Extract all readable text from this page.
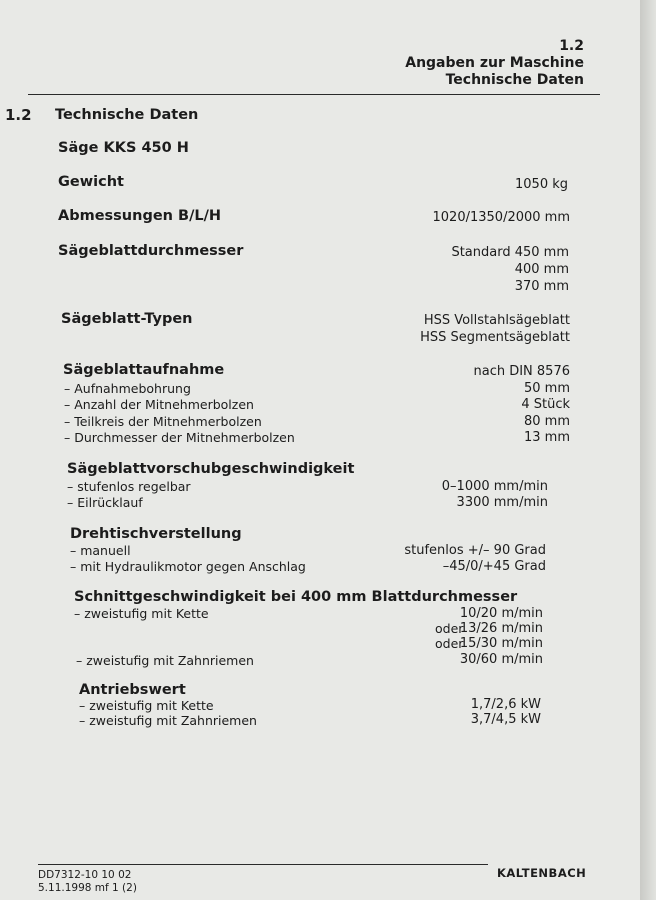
1.2
Angaben zur Maschine
Technische Daten
1.2 Technische Daten
Säge KKS 450 H
Gewicht	1050 kg
Abmessungen B/L/H	1020/1350/2000 mm
Sägeblattdurchmesser	Standard 450 mm
400 mm
370 mm
Sägeblatt-Typen	HSS Vollstahlsägeblatt
HSS Segmentsägeblatt
Sägeblattaufnahme	nach DIN 8576
– Aufnahmebohrung	50 mm
– Anzahl der Mitnehmerbolzen	4 Stück
– Teilkreis der Mitnehmerbolzen	80 mm
– Durchmesser der Mitnehmerbolzen	13 mm
Sägeblattvorschubgeschwindigkeit
– stufenlos regelbar	0–1000 mm/min
– Eilrücklauf	3300 mm/min
Drehtischverstellung
– manuell	stufenlos +/– 90 Grad
– mit Hydraulikmotor gegen Anschlag	–45/0/+45 Grad
Schnittgeschwindigkeit bei 400 mm Blattdurchmesser
– zweistufig mit Kette	10/20 m/min
oder
13/26 m/min
oder
15/30 m/min
– zweistufig mit Zahnriemen	30/60 m/min
Antriebswert
– zweistufig mit Kette	1,7/2,6 kW
– zweistufig mit Zahnriemen	3,7/4,5 kW
DD7312-10 10 02
5.11.1998 mf 1 (2)
KALTENBACH
